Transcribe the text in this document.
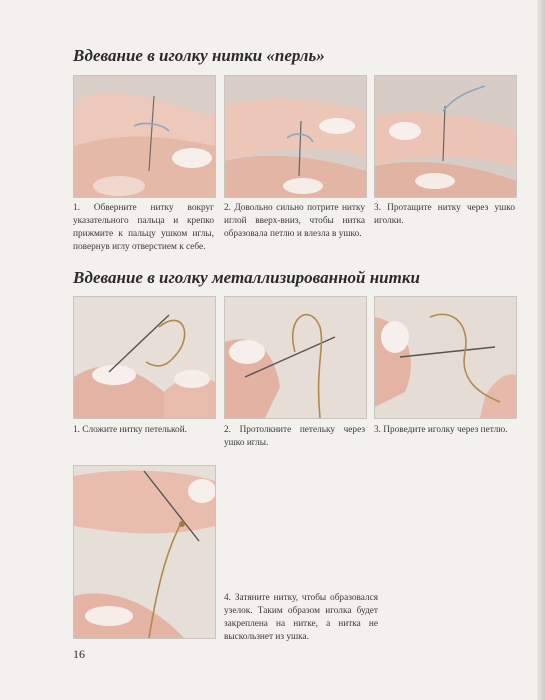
Вдевание в иголку нитки «перль»
1. Обверните нитку вокруг указательного пальца и крепко прижмите к пальцу ушком иглы, повернув иглу отверстием к себе.
2. Довольно сильно потрите нитку иглой вверх-вниз, чтобы нитка образовала петлю и влезла в ушко.
3. Протащите нитку через ушко иголки.
Вдевание в иголку металлизированной нитки
1. Сложите нитку петелькой.	2. Протолкните петельку через ушко иглы.
3. Проведите иголку через петлю.
4. Затяните нитку, чтобы образовался узелок. Таким образом иголка будет закреплена на нитке, а нитка не выскользнет из ушка.
16
